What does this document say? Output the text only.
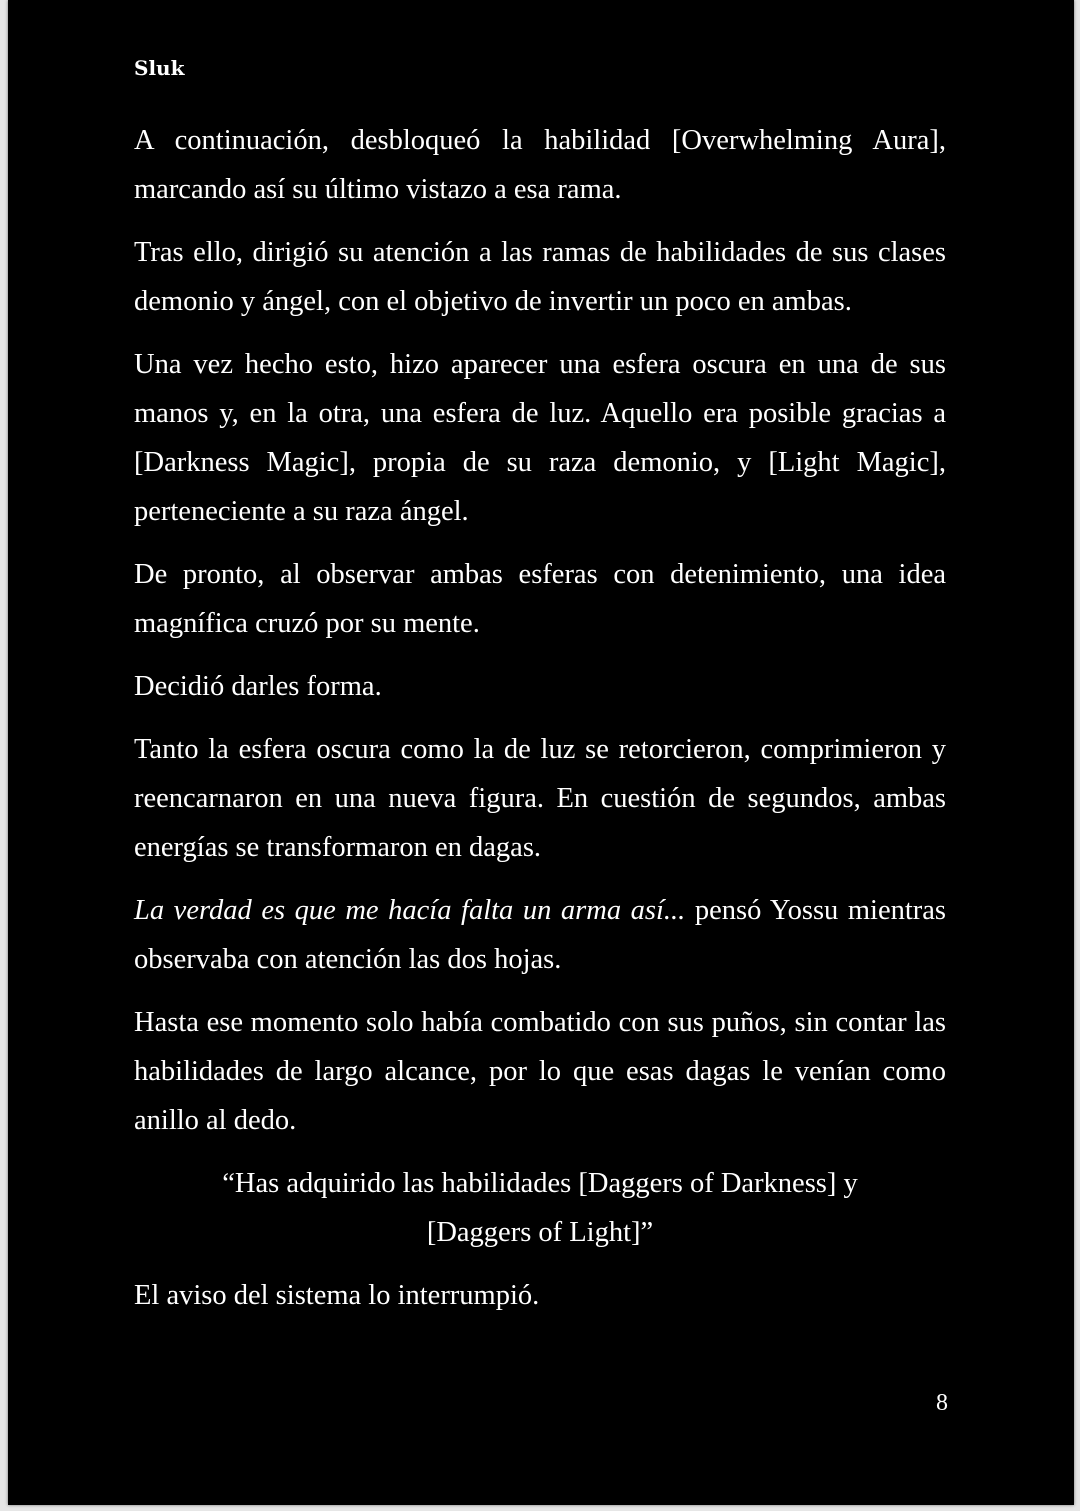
Sluk

A continuación, desbloqueó la habilidad [Overwhelming Aura], marcando así su último vistazo a esa rama.

Tras ello, dirigió su atención a las ramas de habilidades de sus clases demonio y ángel, con el objetivo de invertir un poco en ambas.

Una vez hecho esto, hizo aparecer una esfera oscura en una de sus manos y, en la otra, una esfera de luz. Aquello era posible gracias a [Darkness Magic], propia de su raza demonio, y [Light Magic], perteneciente a su raza ángel.

De pronto, al observar ambas esferas con detenimiento, una idea magnífica cruzó por su mente.

Decidió darles forma.

Tanto la esfera oscura como la de luz se retorcieron, comprimieron y reencarnaron en una nueva figura. En cuestión de segundos, ambas energías se transformaron en dagas.

La verdad es que me hacía falta un arma así... pensó Yossu mientras observaba con atención las dos hojas.

Hasta ese momento solo había combatido con sus puños, sin contar las habilidades de largo alcance, por lo que esas dagas le venían como anillo al dedo.

“Has adquirido las habilidades [Daggers of Darkness] y [Daggers of Light]”

El aviso del sistema lo interrumpió.

8
